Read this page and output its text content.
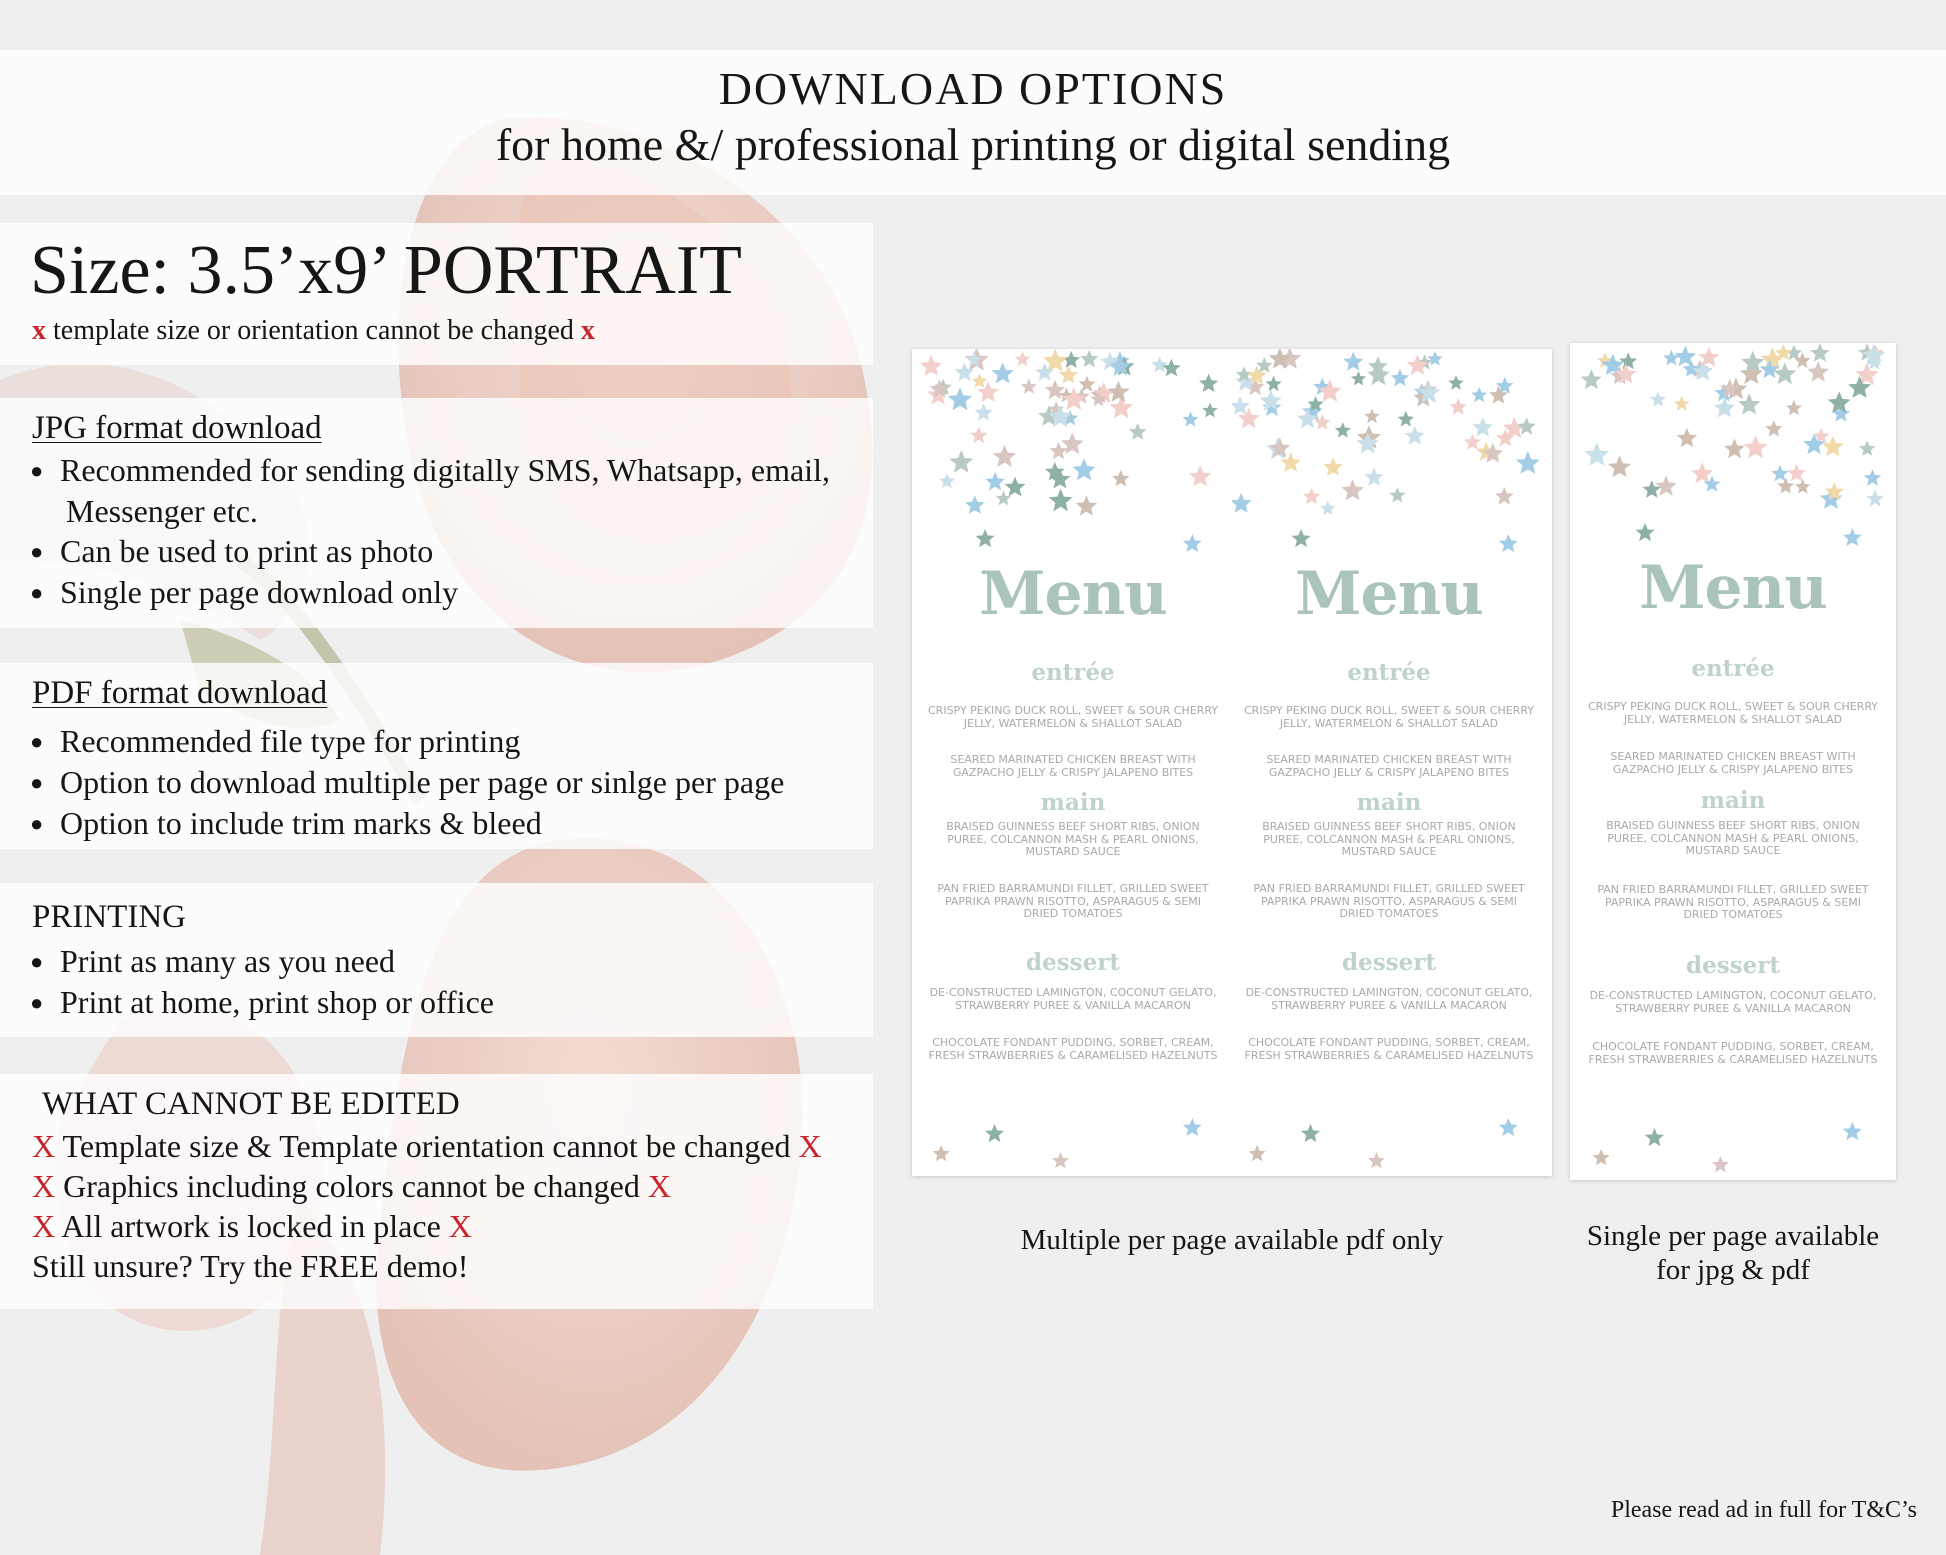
DOWNLOAD OPTIONS
for home &/ professional printing or digital sending
Size: 3.5’x9’ PORTRAIT
x template size or orientation cannot be changed x
JPG format download
● Recommended for sending digitally SMS, Whatsapp, email,
Messenger etc.
● Can be used to print as photo
● Single per page download only
PDF format download
● Recommended file type for printing
● Option to download multiple per page or sinlge per page
● Option to include trim marks & bleed
PRINTING
● Print as many as you need
● Print at home, print shop or office
WHAT CANNOT BE EDITED
X Template size & Template orientation cannot be changed X
X Graphics including colors cannot be changed X
X All artwork is locked in place X
Still unsure? Try the FREE demo!
Menu
entrée
CRISPY PEKING DUCK ROLL, SWEET & SOUR CHERRY JELLY, WATERMELON & SHALLOT SALAD
SEARED MARINATED CHICKEN BREAST WITH GAZPACHO JELLY & CRISPY JALAPENO BITES
main
BRAISED GUINNESS BEEF SHORT RIBS, ONION PUREE, COLCANNON MASH & PEARL ONIONS, MUSTARD SAUCE
PAN FRIED BARRAMUNDI FILLET, GRILLED SWEET PAPRIKA PRAWN RISOTTO, ASPARAGUS & SEMI DRIED TOMATOES
dessert
DE-CONSTRUCTED LAMINGTON, COCONUT GELATO, STRAWBERRY PUREE & VANILLA MACARON
CHOCOLATE FONDANT PUDDING, SORBET, CREAM, FRESH STRAWBERRIES & CARAMELISED HAZELNUTS
Menu
entrée
CRISPY PEKING DUCK ROLL, SWEET & SOUR CHERRY JELLY, WATERMELON & SHALLOT SALAD
SEARED MARINATED CHICKEN BREAST WITH GAZPACHO JELLY & CRISPY JALAPENO BITES
main
BRAISED GUINNESS BEEF SHORT RIBS, ONION PUREE, COLCANNON MASH & PEARL ONIONS, MUSTARD SAUCE
PAN FRIED BARRAMUNDI FILLET, GRILLED SWEET PAPRIKA PRAWN RISOTTO, ASPARAGUS & SEMI DRIED TOMATOES
dessert
DE-CONSTRUCTED LAMINGTON, COCONUT GELATO, STRAWBERRY PUREE & VANILLA MACARON
CHOCOLATE FONDANT PUDDING, SORBET, CREAM, FRESH STRAWBERRIES & CARAMELISED HAZELNUTS
Menu
entrée
CRISPY PEKING DUCK ROLL, SWEET & SOUR CHERRY JELLY, WATERMELON & SHALLOT SALAD
SEARED MARINATED CHICKEN BREAST WITH GAZPACHO JELLY & CRISPY JALAPENO BITES
main
BRAISED GUINNESS BEEF SHORT RIBS, ONION PUREE, COLCANNON MASH & PEARL ONIONS, MUSTARD SAUCE
PAN FRIED BARRAMUNDI FILLET, GRILLED SWEET PAPRIKA PRAWN RISOTTO, ASPARAGUS & SEMI DRIED TOMATOES
dessert
DE-CONSTRUCTED LAMINGTON, COCONUT GELATO, STRAWBERRY PUREE & VANILLA MACARON
CHOCOLATE FONDANT PUDDING, SORBET, CREAM, FRESH STRAWBERRIES & CARAMELISED HAZELNUTS
Multiple per page available pdf only	Single per page available
for jpg & pdf
Please read ad in full for T&C’s
